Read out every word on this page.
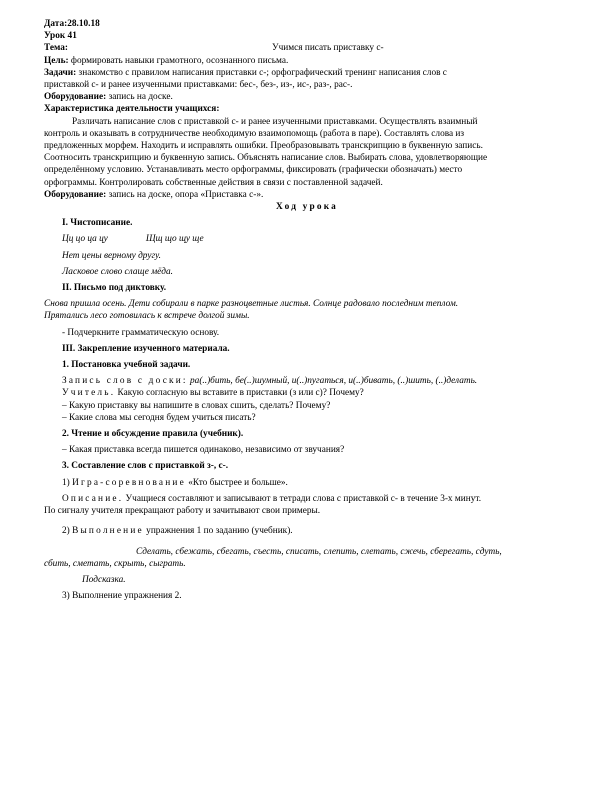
Дата:28.10.18
Урок 41
Тема:	Учимся писать приставку с-
Цель: формировать навыки грамотного, осознанного письма.
Задачи: знакомство с правилом написания приставки с-; орфографический тренинг написания слов с
приставкой с- и ранее изученными приставками: бес-, без-, из-, ис-, раз-, рас-.
Оборудование: запись на доске.
Характеристика деятельности учащихся:
Различать написание слов с приставкой с- и ранее изученными приставками. Осуществлять взаимный
контроль и оказывать в сотрудничестве необходимую взаимопомощь (работа в паре). Составлять слова из
предложенных морфем. Находить и исправлять ошибки. Преобразовывать транскрипцию в буквенную запись.
Соотносить транскрипцию и буквенную запись. Объяснять написание слов. Выбирать слова, удовлетворяющие
определённому условию. Устанавливать место орфограммы, фиксировать (графически обозначать) место
орфограммы. Контролировать собственные действия в связи с поставленной задачей.
Оборудование: запись на доске, опора «Приставка с-».
Ход урока
I. Чистописание.
Цц цо ца цу	Щщ що щу ще
Нет цены верному другу.
Ласковое слово слаще мёда.
II. Письмо под диктовку.
Снова пришла осень. Дети собирали в парке разноцветные листья. Солнце радовало последним теплом.
Прятались лесо готовилась к встрече долгой зимы.
- Подчеркните грамматическую основу.
III. Закрепление изученного материала.
1. Постановка учебной задачи.
Запись слов с доски: ра(..)бить, бе(..)шумный, и(..)пугаться, и(..)бивать, (..)шить, (..)делать.
Учитель. Какую согласную вы вставите в приставки (з или с)? Почему?
– Какую приставку вы напишите в словах сшить, сделать? Почему?
– Какие слова мы сегодня будем учиться писать?
2. Чтение и обсуждение правила (учебник).
– Какая приставка всегда пишется одинаково, независимо от звучания?
3. Составление слов с приставкой з-, с-.
1) Игра-соревнование «Кто быстрее и больше».
Описание. Учащиеся составляют и записывают в тетради слова с приставкой с- в течение 3-х минут.
По сигналу учителя прекращают работу и зачитывают свои примеры.
2) Выполнение упражнения 1 по заданию (учебник).
Сделать, сбежать, сбегать, съесть, списать, слепить, слетать, сжечь, сберегать, сдуть,
сбить, сметать, скрыть, сыграть.
Подсказка.
3) Выполнение упражнения 2.
